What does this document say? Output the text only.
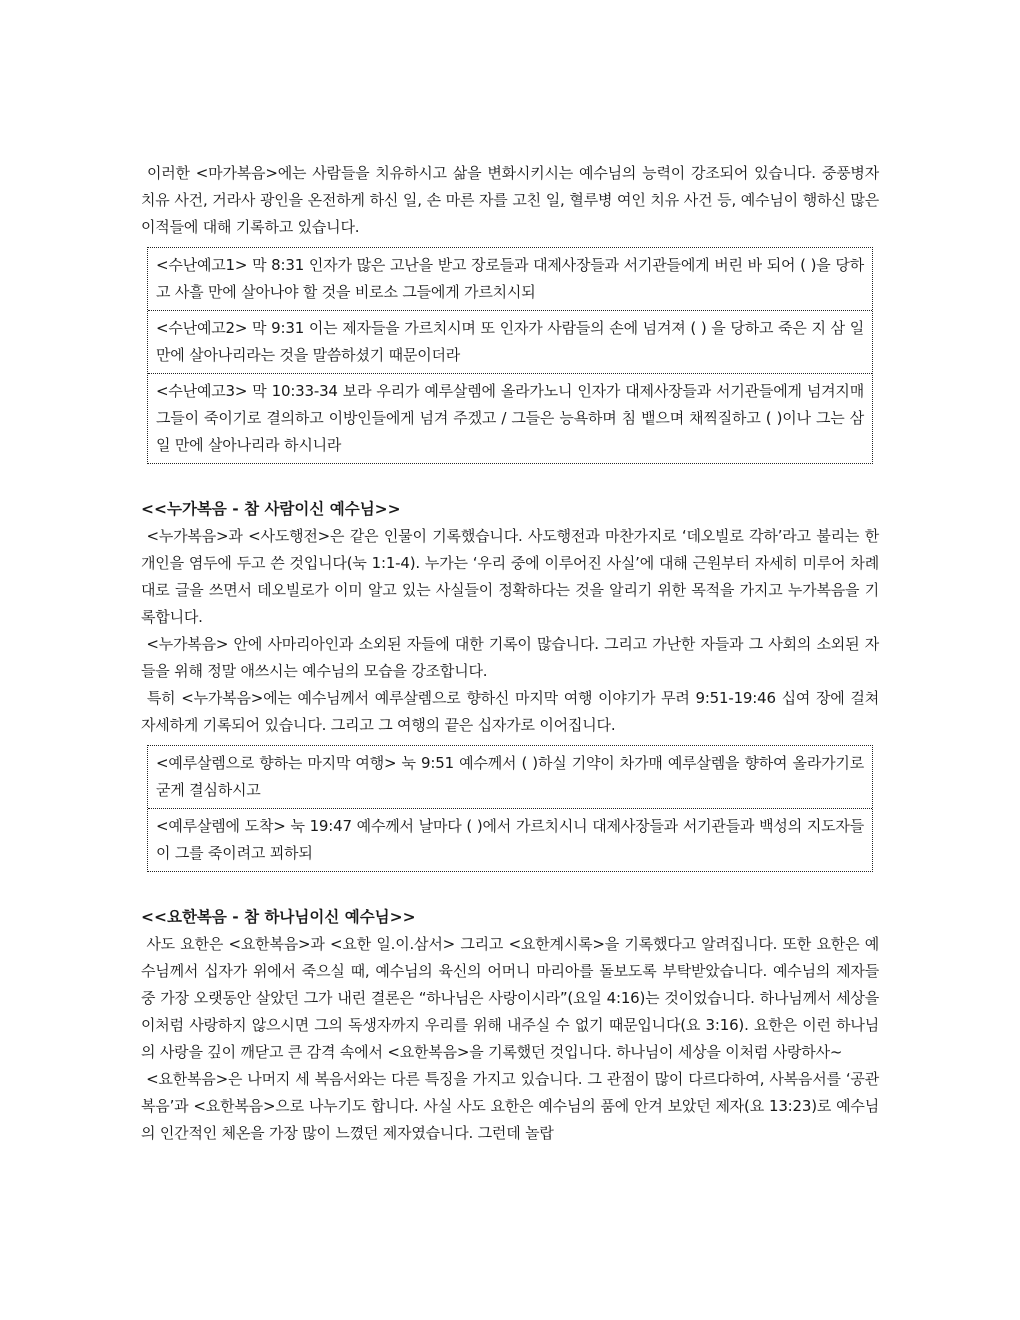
이러한 <마가복음>에는 사람들을 치유하시고 삶을 변화시키시는 예수님의 능력이 강조되어 있습니다. 중풍병자 치유 사건, 거라사 광인을 온전하게 하신 일, 손 마른 자를 고친 일, 혈루병 여인 치유 사건 등, 예수님이 행하신 많은 이적들에 대해 기록하고 있습니다.

<수난예고1> 막 8:31 인자가 많은 고난을 받고 장로들과 대제사장들과 서기관들에게 버린 바 되어 ( )을 당하고 사흘 만에 살아나야 할 것을 비로소 그들에게 가르치시되
<수난예고2> 막 9:31 이는 제자들을 가르치시며 또 인자가 사람들의 손에 넘겨져 ( ) 을 당하고 죽은 지 삼 일만에 살아나리라는 것을 말씀하셨기 때문이더라
<수난예고3> 막 10:33-34 보라 우리가 예루살렘에 올라가노니 인자가 대제사장들과 서기관들에게 넘겨지매 그들이 죽이기로 결의하고 이방인들에게 넘겨 주겠고 / 그들은 능욕하며 침 뱉으며 채찍질하고 ( )이나 그는 삼 일 만에 살아나리라 하시니라

<<누가복음 - 참 사람이신 예수님>>

<누가복음>과 <사도행전>은 같은 인물이 기록했습니다. 사도행전과 마찬가지로 ‘데오빌로 각하’라고 불리는 한 개인을 염두에 두고 쓴 것입니다(눅 1:1-4). 누가는 ‘우리 중에 이루어진 사실’에 대해 근원부터 자세히 미루어 차례대로 글을 쓰면서 데오빌로가 이미 알고 있는 사실들이 정확하다는 것을 알리기 위한 목적을 가지고 누가복음을 기록합니다.

<누가복음> 안에 사마리아인과 소외된 자들에 대한 기록이 많습니다. 그리고 가난한 자들과 그 사회의 소외된 자들을 위해 정말 애쓰시는 예수님의 모습을 강조합니다.

특히 <누가복음>에는 예수님께서 예루살렘으로 향하신 마지막 여행 이야기가 무려 9:51-19:46 십여 장에 걸쳐 자세하게 기록되어 있습니다. 그리고 그 여행의 끝은 십자가로 이어집니다.

<예루살렘으로 향하는 마지막 여행> 눅 9:51 예수께서 ( )하실 기약이 차가매 예루살렘을 향하여 올라가기로 굳게 결심하시고
<예루살렘에 도착> 눅 19:47 예수께서 날마다 ( )에서 가르치시니 대제사장들과 서기관들과 백성의 지도자들이 그를 죽이려고 꾀하되

<<요한복음 - 참 하나님이신 예수님>>

사도 요한은 <요한복음>과 <요한 일.이.삼서> 그리고 <요한계시록>을 기록했다고 알려집니다. 또한 요한은 예수님께서 십자가 위에서 죽으실 때, 예수님의 육신의 어머니 마리아를 돌보도록 부탁받았습니다. 예수님의 제자들 중 가장 오랫동안 살았던 그가 내린 결론은 “하나님은 사랑이시라”(요일 4:16)는 것이었습니다. 하나님께서 세상을 이처럼 사랑하지 않으시면 그의 독생자까지 우리를 위해 내주실 수 없기 때문입니다(요 3:16). 요한은 이런 하나님의 사랑을 깊이 깨닫고 큰 감격 속에서 <요한복음>을 기록했던 것입니다. 하나님이 세상을 이처럼 사랑하사~

<요한복음>은 나머지 세 복음서와는 다른 특징을 가지고 있습니다. 그 관점이 많이 다르다하여, 사복음서를 ‘공관복음’과 <요한복음>으로 나누기도 합니다. 사실 사도 요한은 예수님의 품에 안겨 보았던 제자(요 13:23)로 예수님의 인간적인 체온을 가장 많이 느꼈던 제자였습니다. 그런데 놀랍
